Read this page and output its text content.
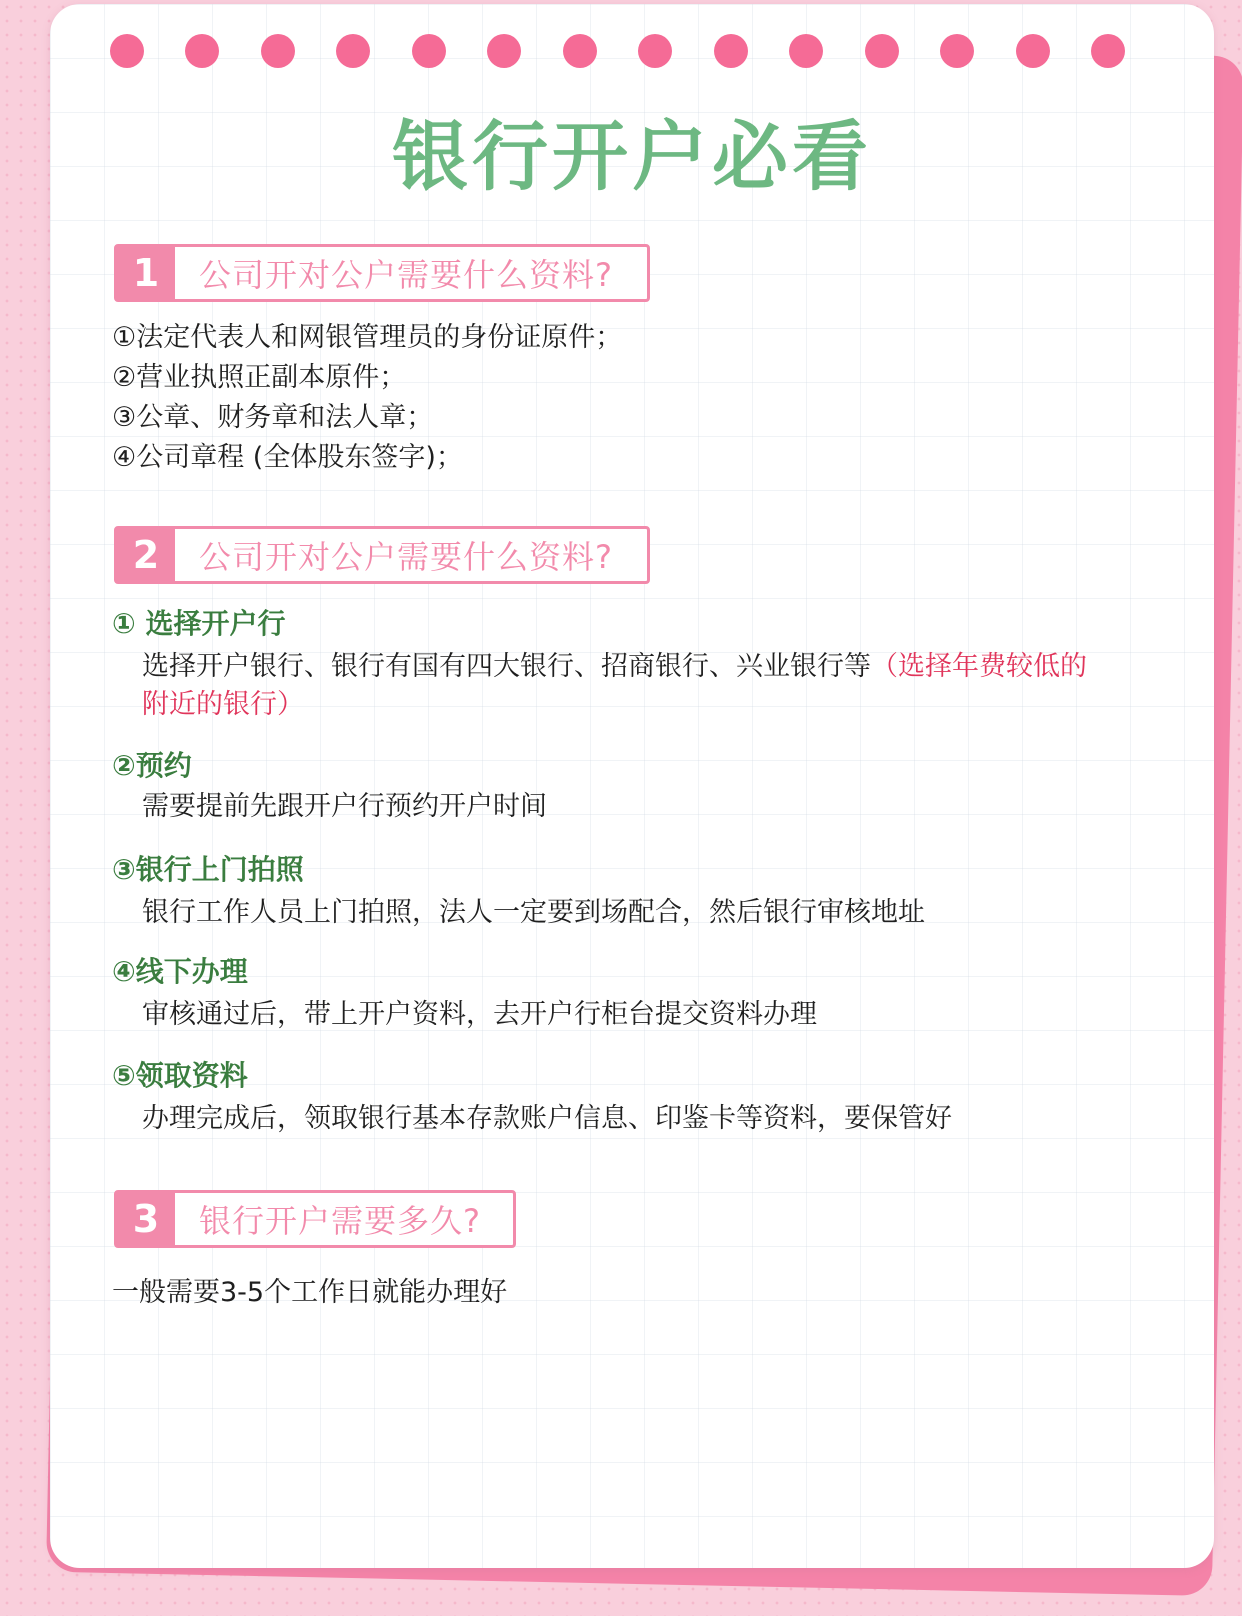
银行开户必看
1	公司开对公户需要什么资料?
①法定代表人和网银管理员的身份证原件；
②营业执照正副本原件；
③公章、财务章和法人章；
④公司章程 (全体股东签字)；
2	公司开对公户需要什么资料?
① 选择开户行
选择开户银行、银行有国有四大银行、招商银行、兴业银行等（选择年费较低的附近的银行）
②预约
需要提前先跟开户行预约开户时间
③银行上门拍照
银行工作人员上门拍照，法人一定要到场配合，然后银行审核地址
④线下办理
审核通过后，带上开户资料，去开户行柜台提交资料办理
⑤领取资料
办理完成后，领取银行基本存款账户信息、印鉴卡等资料，要保管好
3	银行开户需要多久?
一般需要3-5个工作日就能办理好
